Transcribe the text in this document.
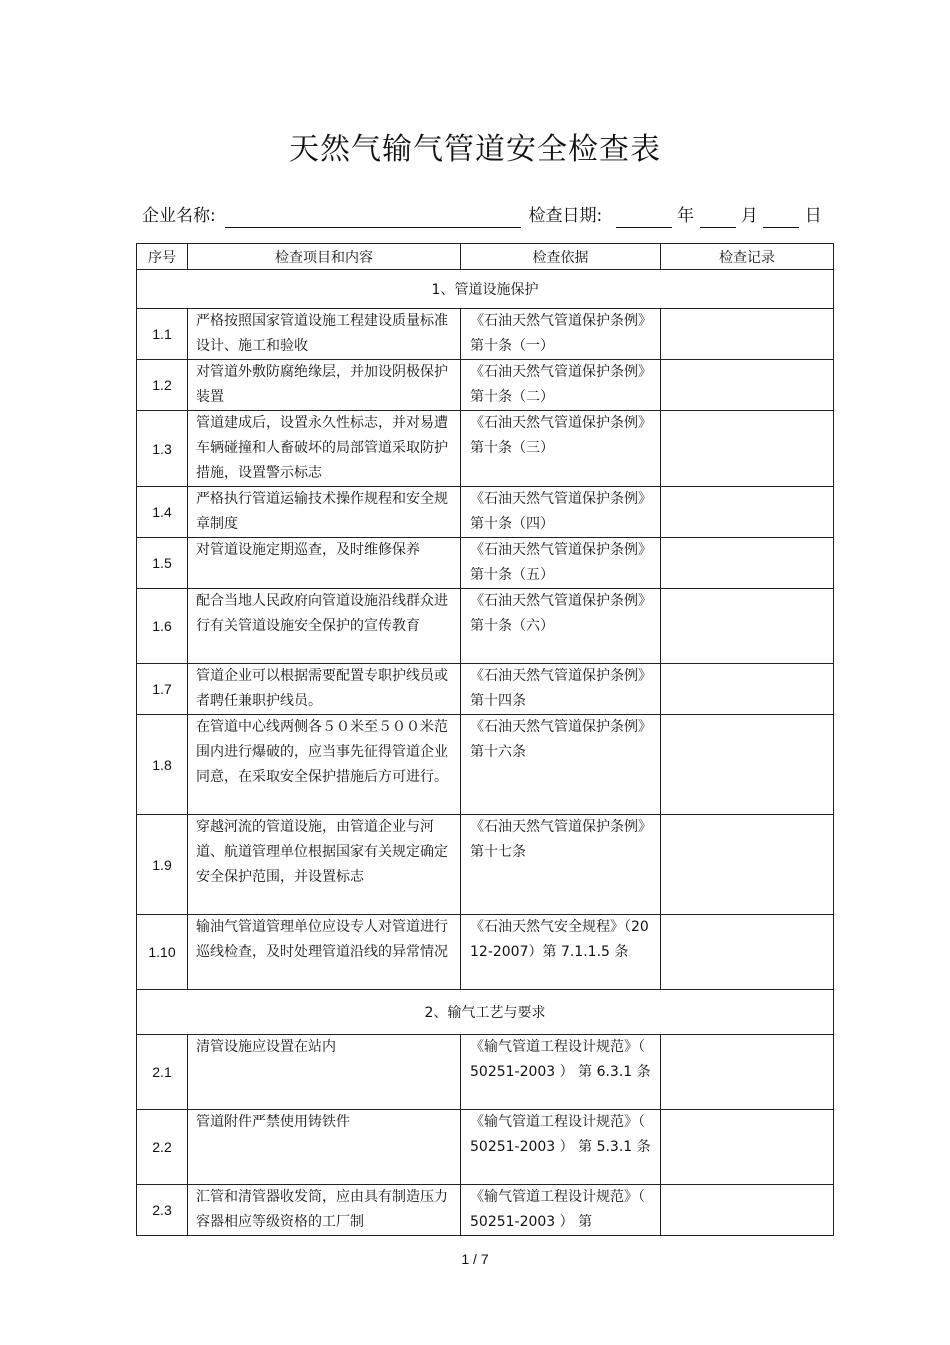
天然气输气管道安全检查表
企业名称:	检查日期:	年	月	日
序号	检查项目和内容	检查依据	检查记录
1、管道设施保护			
1.1	严格按照国家管道设施工程建设质量标准设计、施工和验收	《石油天然气管道保护条例》第十条（一）	
1.2	对管道外敷防腐绝缘层，并加设阴极保护装置	《石油天然气管道保护条例》第十条（二）	
1.3	管道建成后，设置永久性标志，并对易遭车辆碰撞和人畜破坏的局部管道采取防护措施，设置警示标志	《石油天然气管道保护条例》第十条（三）	
1.4	严格执行管道运输技术操作规程和安全规章制度	《石油天然气管道保护条例》第十条（四）	
1.5	对管道设施定期巡查，及时维修保养	《石油天然气管道保护条例》第十条（五）	
1.6	配合当地人民政府向管道设施沿线群众进行有关管道设施安全保护的宣传教育	《石油天然气管道保护条例》第十条（六）	
1.7	管道企业可以根据需要配置专职护线员或者聘任兼职护线员。	《石油天然气管道保护条例》第十四条	
1.8	在管道中心线两侧各５０米至５００米范围内进行爆破的，应当事先征得管道企业同意，在采取安全保护措施后方可进行。	《石油天然气管道保护条例》第十六条	
1.9	穿越河流的管道设施，由管道企业与河道、航道管理单位根据国家有关规定确定安全保护范围，并设置标志	《石油天然气管道保护条例》第十七条	
1.10	输油气管道管理单位应设专人对管道进行巡线检查，及时处理管道沿线的异常情况	《石油天然气安全规程》（2012-2007）第 7.1.1.5 条	
2、输气工艺与要求			
2.1	清管设施应设置在站内	《输气管道工程设计规范》（ 50251-2003 ） 第 6.3.1 条	
2.2	管道附件严禁使用铸铁件	《输气管道工程设计规范》（ 50251-2003 ） 第 5.3.1 条	
2.3	汇管和清管器收发筒，应由具有制造压力容器相应等级资格的工厂制	《输气管道工程设计规范》（ 50251-2003 ） 第	
1 / 7
